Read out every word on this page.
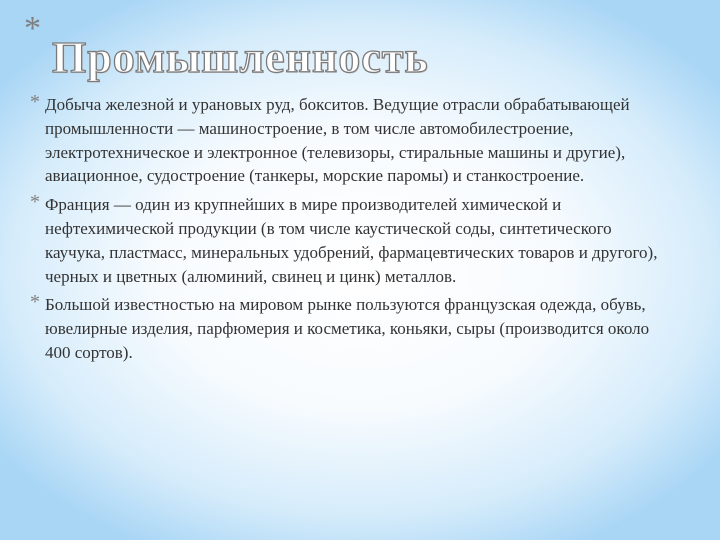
*
Промышленность
* Добыча железной и урановых руд, бокситов. Ведущие отрасли обрабатывающей промышленности — машиностроение, в том числе автомобилестроение, электротехническое и электронное (телевизоры, стиральные машины и другие), авиационное, судостроение (танкеры, морские паромы) и станкостроение.
* Франция — один из крупнейших в мире производителей химической и нефтехимической продукции (в том числе каустической соды, синтетического каучука, пластмасс, минеральных удобрений, фармацевтических товаров и другого), черных и цветных (алюминий, свинец и цинк) металлов.
* Большой известностью на мировом рынке пользуются французская одежда, обувь, ювелирные изделия, парфюмерия и косметика, коньяки, сыры (производится около 400 сортов).
